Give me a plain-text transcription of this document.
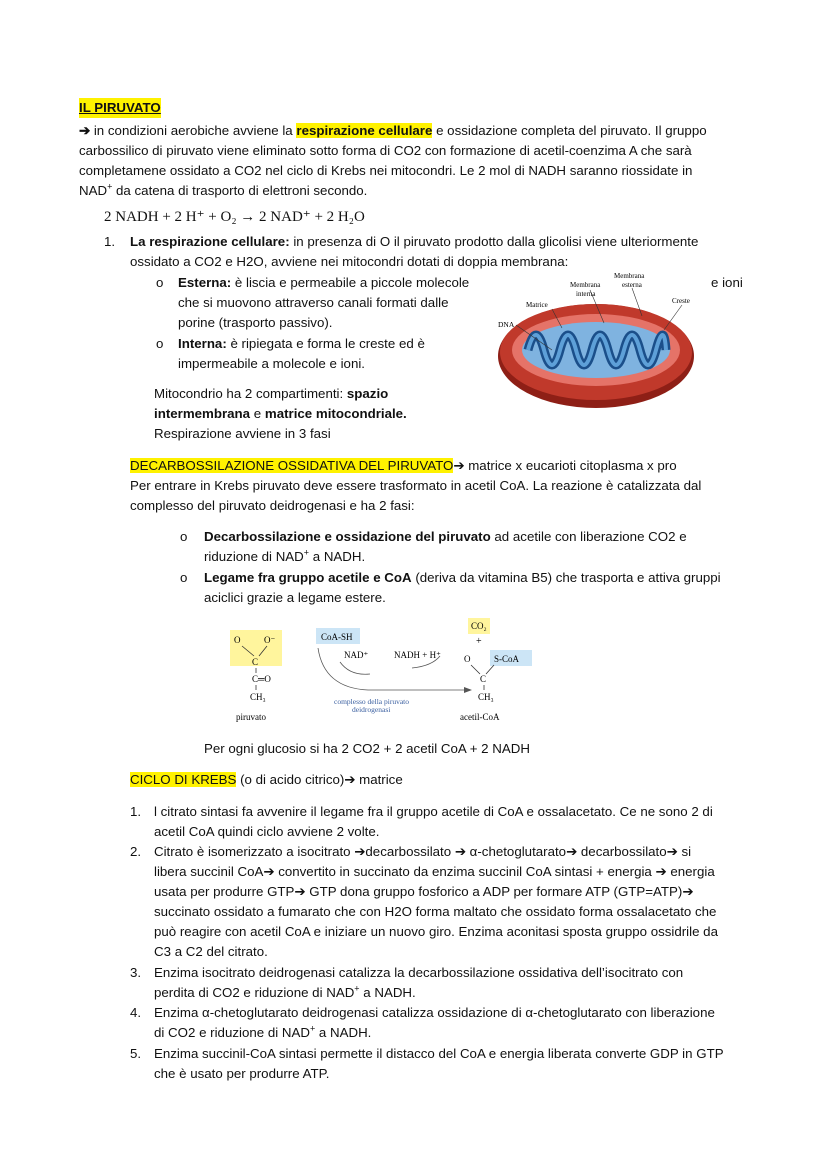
IL PIRUVATO
➔ in condizioni aerobiche avviene la respirazione cellulare e ossidazione completa del piruvato. Il gruppo
carbossilico di piruvato viene eliminato sotto forma di CO2 con formazione di acetil-coenzima A che sarà
completamene ossidato a CO2 nel ciclo di Krebs nei mitocondri. Le 2 mol di NADH saranno riossidate in
NAD+ da catena di trasporto di elettroni secondo.
2 NADH + 2 H⁺ + O₂ → 2 NAD⁺ + 2 H₂O
1. La respirazione cellulare: in presenza di O il piruvato prodotto dalla glicolisi viene ulteriormente
ossidato a CO2 e H2O, avviene nei mitocondri dotati di doppia membrana:
o Esterna: è liscia e permeabile a piccole molecole	e ioni
che si muovono attraverso canali formati dalle
porine (trasporto passivo).
o Interna: è ripiegata e forma le creste ed è
impermeabile a molecole e ioni.
DNA
Matrice
Membrana
interna
Membrana
esterna
Creste
Mitocondrio ha 2 compartimenti: spazio
intermembrana e matrice mitocondriale.
Respirazione avviene in 3 fasi
DECARBOSSILAZIONE OSSIDATIVA DEL PIRUVATO➔ matrice x eucarioti citoplasma x pro
Per entrare in Krebs piruvato deve essere trasformato in acetil CoA. La reazione è catalizzata dal
complesso del piruvato deidrogenasi e ha 2 fasi:
o Decarbossilazione e ossidazione del piruvato ad acetile con liberazione CO2 e
riduzione di NAD+ a NADH.
o Legame fra gruppo acetile e CoA (deriva da vitamina B5) che trasporta e attiva gruppi
aciclici grazie a legame estere.
O	O⁻
C
C═O
CH₃
piruvato
CoA-SH
NAD⁺	NADH + H⁺
complesso della piruvato
deidrogenasi
CO₂
+
O	S-CoA
C
CH₃
acetil-CoA
Per ogni glucosio si ha 2 CO2 + 2 acetil CoA + 2 NADH
CICLO DI KREBS (o di acido citrico)➔ matrice
1. l citrato sintasi fa avvenire il legame fra il gruppo acetile di CoA e ossalacetato. Ce ne sono 2 di
acetil CoA quindi ciclo avviene 2 volte.
2. Citrato è isomerizzato a isocitrato ➔decarbossilato ➔ α-chetoglutarato➔ decarbossilato➔ si
libera succinil CoA➔ convertito in succinato da enzima succinil CoA sintasi + energia ➔ energia
usata per produrre GTP➔ GTP dona gruppo fosforico a ADP per formare ATP (GTP=ATP)➔
succinato ossidato a fumarato che con H2O forma maltato che ossidato forma ossalacetato che
può reagire con acetil CoA e iniziare un nuovo giro. Enzima aconitasi sposta gruppo ossidrile da
C3 a C2 del citrato.
3. Enzima isocitrato deidrogenasi catalizza la decarbossilazione ossidativa dell’isocitrato con
perdita di CO2 e riduzione di NAD+ a NADH.
4. Enzima α-chetoglutarato deidrogenasi catalizza ossidazione di α-chetoglutarato con liberazione
di CO2 e riduzione di NAD+ a NADH.
5. Enzima succinil-CoA sintasi permette il distacco del CoA e energia liberata converte GDP in GTP
che è usato per produrre ATP.
